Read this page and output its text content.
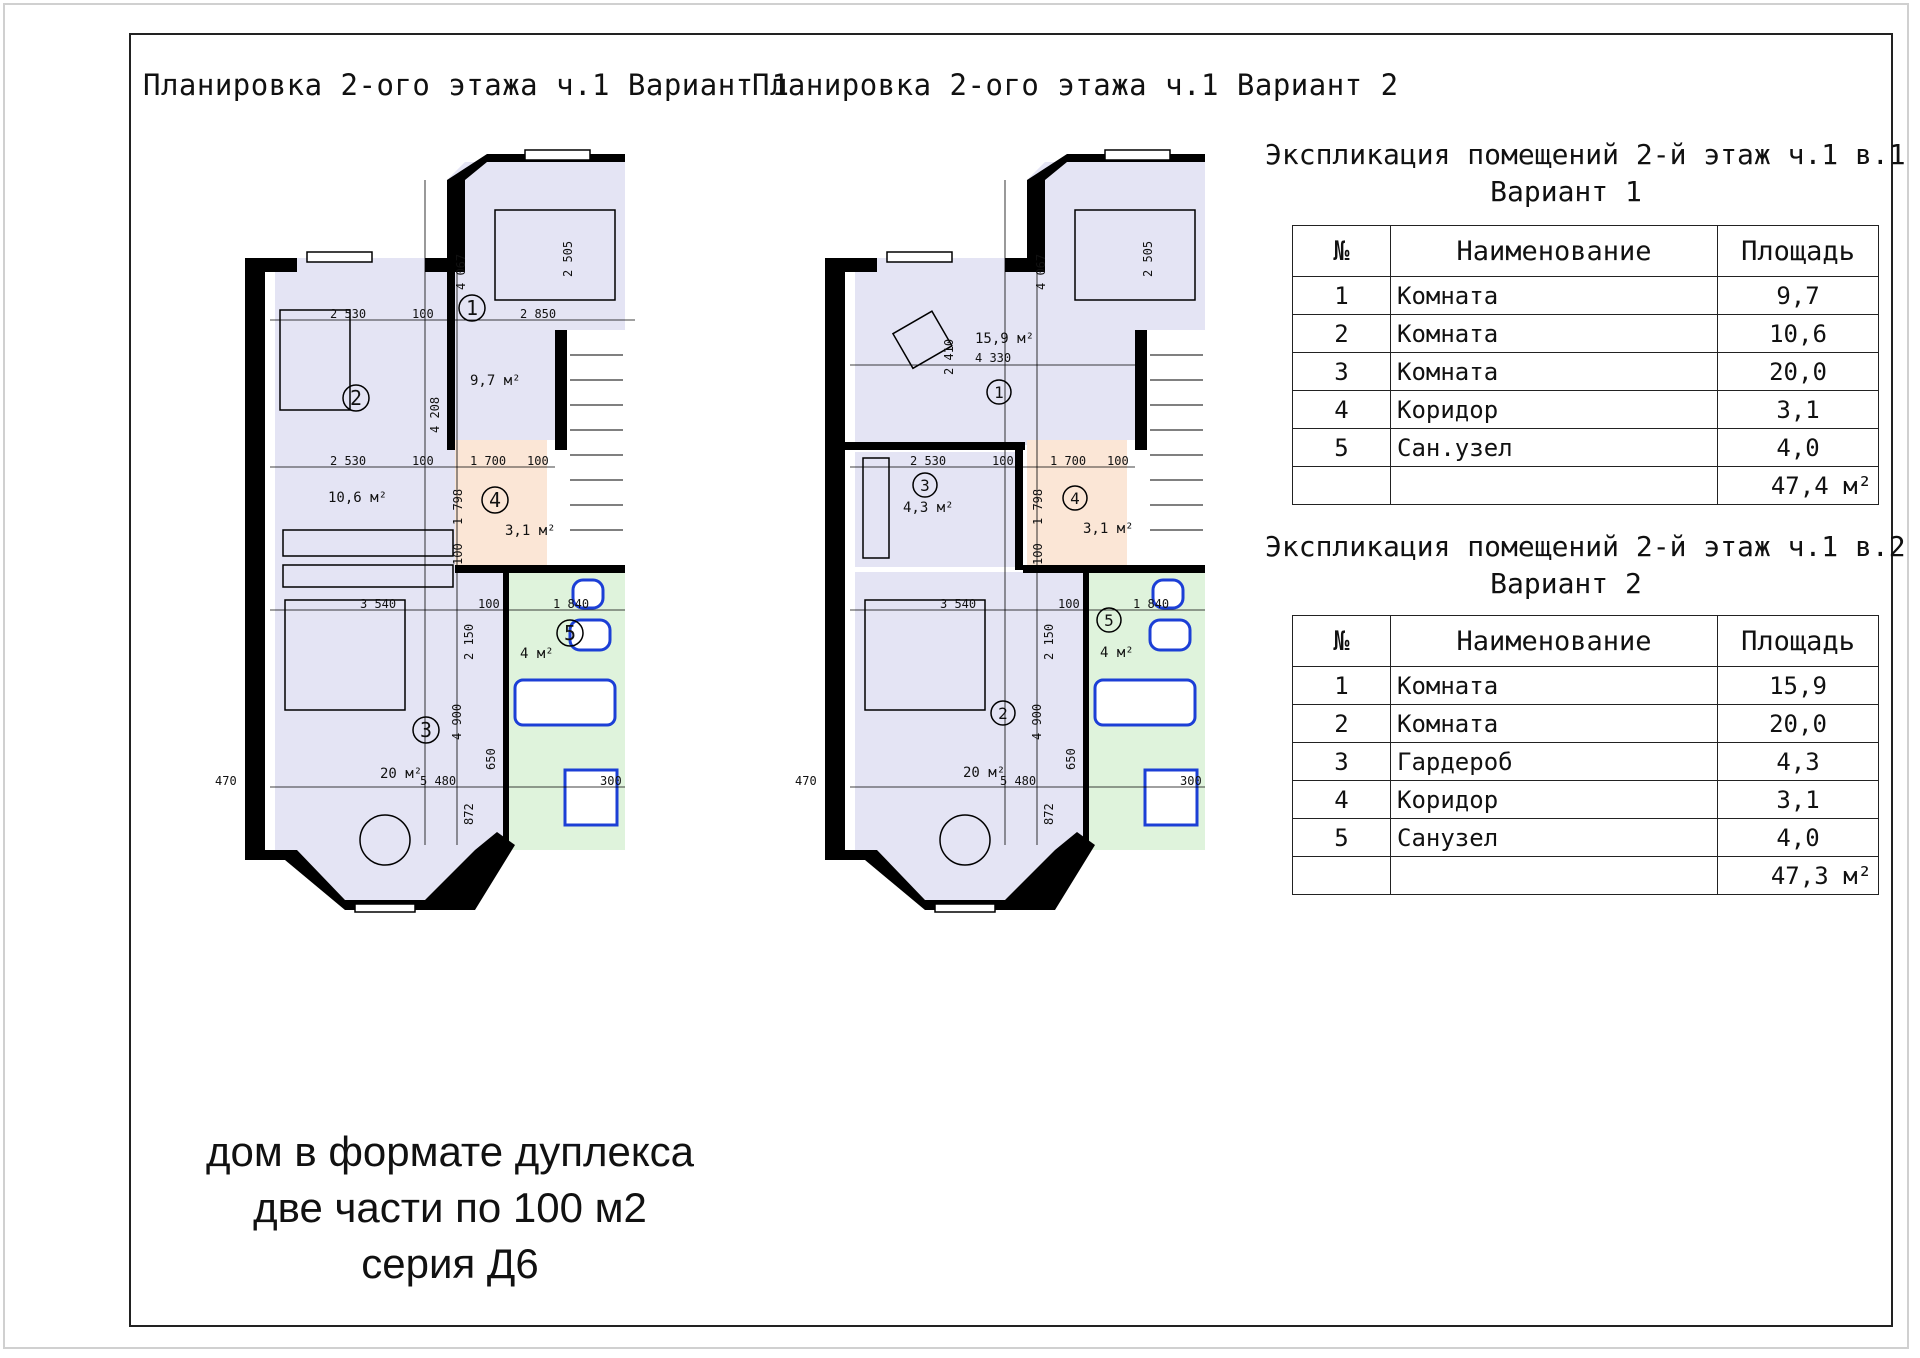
Планировка 2-ого этажа ч.1 Вариант 1
Планировка 2-ого этажа ч.1 Вариант 2
1
2
3
4
5
9,7 м²
10,6 м²
20 м²
3,1 м²
4 м²
2 530	100	2 850
4 067	2 505
4 208
2 530	100	1 700 100
1 798
100
3 540	100	1 840
2 150
4 900
650
5 480
470
872
300
1
2
3
4
5
15,9 м²
20 м²
4,3 м²
3,1 м²
4 м²
4 330
2 410
4 067	2 505
2 530	100	1 700 100
1 798
100
3 540	100	1 840
2 150
4 900
650
5 480
470
872
300
Экспликация помещений 2-й этаж ч.1 в.1
Вариант 1
№	Наименование	Площадь
1	Комната	9,7
2	Комната	10,6
3	Комната	20,0
4	Коридор	3,1
5	Сан.узел	4,0
		47,4 м²
Экспликация помещений 2-й этаж ч.1 в.2
Вариант 2
№	Наименование	Площадь
1	Комната	15,9
2	Комната	20,0
3	Гардероб	4,3
4	Коридор	3,1
5	Санузел	4,0
		47,3 м²
дом в формате дуплекса
две части по 100 м2
серия Д6
